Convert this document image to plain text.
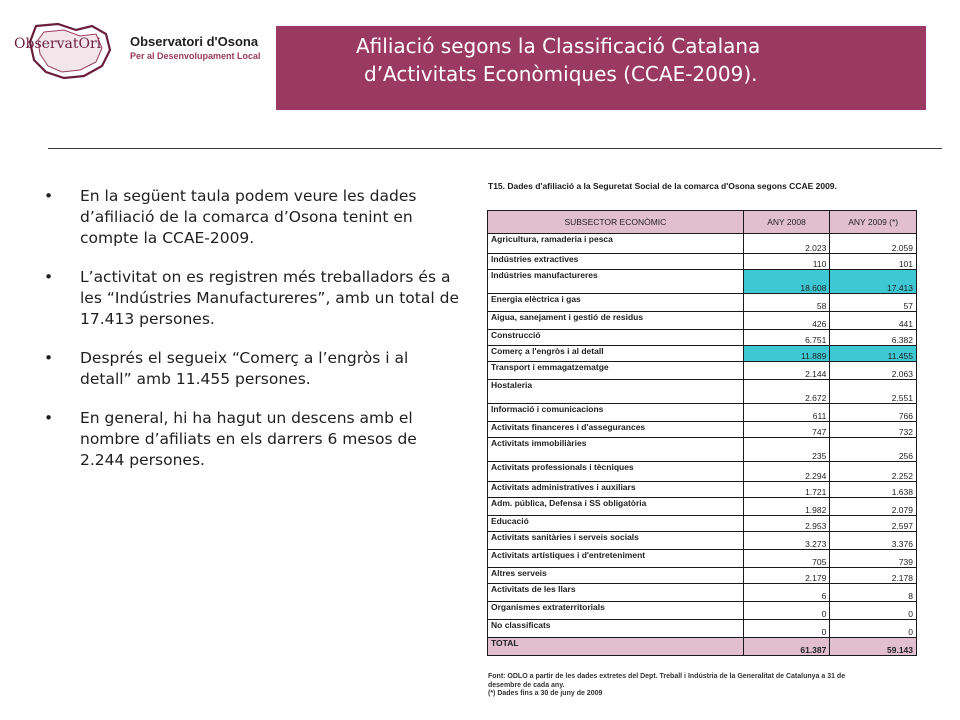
ObservatOri Observatori d'Osona
Per al Desenvolupament Local	Afiliació segons la Classificació Catalana
d’Activitats Econòmiques (CCAE-2009).
• En la següent taula podem veure les dades d’afiliació de la comarca d’Osona tenint en compte la CCAE-2009.
• L’activitat on es registren més treballadors és a les “Indústries Manufactureres”, amb un total de 17.413 persones.
• Després el segueix “Comerç a l’engròs i al detall” amb 11.455 persones.
• En general, hi ha hagut un descens amb el nombre d’afiliats en els darrers 6 mesos de 2.244 persones.
T15. Dades d'afiliació a la Seguretat Social de la comarca d'Osona segons CCAE 2009.
SUBSECTOR ECONÒMIC	ANY 2008	ANY 2009 (*)
Agricultura, ramaderia i pesca	2.023	2.059
Indústries extractives	110	101
Indústries manufactureres	18.608	17.413
Energia elèctrica i gas	58	57
Aigua, sanejament i gestió de residus	426	441
Construcció	6.751	6.382
Comerç a l'engròs i al detall	11.889	11.455
Transport i emmagatzematge	2.144	2.063
Hostaleria	2.672	2.551
Informació i comunicacions	611	766
Activitats financeres i d'assegurances	747	732
Activitats immobiliàries	235	256
Activitats professionals i tècniques	2.294	2.252
Activitats administratives i auxiliars	1.721	1.638
Adm. pública, Defensa i SS obligatòria	1.982	2.079
Educació	2.953	2.597
Activitats sanitàries i serveis socials	3.273	3.376
Activitats artístiques i d'entreteniment	705	739
Altres serveis	2.179	2.178
Activitats de les llars	6	8
Organismes extraterritorials	0	0
No classificats	0	0
TOTAL	61.387	59.143
Font: ODLO a partir de les dades extretes del Dept. Treball i Indústria de la Generalitat de Catalunya a 31 de desembre de cada any.
(*) Dades fins a 30 de juny de 2009
